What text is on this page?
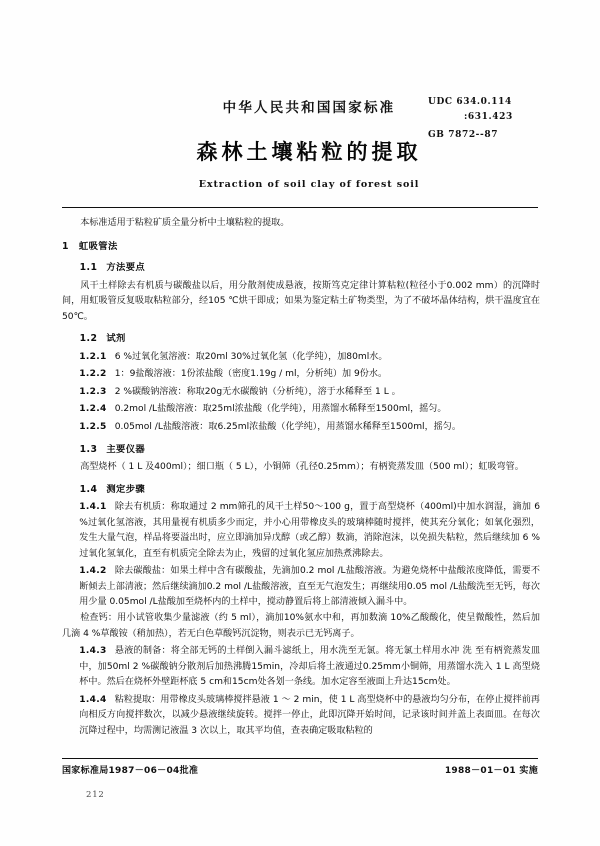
UDC 634.0.114
:631.423
GB 7872--87
中华人民共和国国家标准
森林土壤粘粒的提取
Extraction of soil clay of forest soil

本标准适用于粘粒矿质全量分析中土壤粘粒的提取。

1 虹吸管法
1.1 方法要点

风干土样除去有机质与碳酸盐以后，用分散剂使成悬液，按斯笃克定律计算粘粒(粒径小于0.002 mm）的沉降时间，用虹吸管反复吸取粘粒部分，经105 ℃烘干即成；如果为鉴定粘土矿物类型，为了不破坏晶体结构，烘干温度宜在50℃。

1.2 试剂

1.2.1 6 %过氧化氢溶液：取20ml 30%过氧化氢（化学纯），加80ml水。

1.2.2 1：9盐酸溶液：1份浓盐酸（密度1.19g / ml，分析纯）加 9份水。

1.2.3 2 %碳酸钠溶液：称取20g无水碳酸钠（分析纯），溶于水稀释至 1 L 。

1.2.4 0.2mol /L盐酸溶液：取25ml浓盐酸（化学纯），用蒸馏水稀释至1500ml，摇匀。

1.2.5 0.05mol /L盐酸溶液：取6.25ml浓盐酸（化学纯），用蒸馏水稀释至1500ml，摇匀。

1.3 主要仪器

高型烧杯（ 1 L 及400ml）；细口瓶（ 5 L），小铜筛（孔径0.25mm）；有柄瓷蒸发皿（500 ml）；虹吸弯管。

1.4 测定步骤

1.4.1 除去有机质：称取通过 2 mm筛孔的风干土样50～100 g，置于高型烧杯（400ml)中加水润湿，滴加 6 %过氧化氢溶液，其用量视有机质多少而定，并小心用带橡皮头的玻璃棒随时搅拌，使其充分氧化；如氧化强烈，发生大量气泡，样品将要溢出时，应立即滴加异戊醇（或乙醇）数滴，消除泡沫，以免损失粘粒，然后继续加 6 %过氧化氢氧化，直至有机质完全除去为止，残留的过氧化氢应加热煮沸除去。

1.4.2 除去碳酸盐：如果土样中含有碳酸盐，先滴加0.2 mol /L盐酸溶液。为避免烧杯中盐酸浓度降低，需要不断倾去上部清液；然后继续滴加0.2 mol /L盐酸溶液，直至无气泡发生；再继续用0.05 mol /L盐酸洗至无钙，每次用少量 0.05mol /L盐酸加至烧杯内的土样中，搅动静置后将上部清液倾入漏斗中。

检查钙：用小试管收集少量滤液（约 5 ml），滴加10%氨水中和，再加数滴 10%乙酸酸化，使呈微酸性，然后加几滴 4 %草酸铵（稍加热），若无白色草酸钙沉淀物，则表示已无钙离子。

1.4.3 悬液的制备：将全部无钙的土样倒入漏斗滤纸上，用水洗至无氯。将无氯土样用水冲 洗 至有柄瓷蒸发皿中，加50ml 2 %碳酸钠分散剂后加热沸腾15min，冷却后将土液通过0.25mm小铜筛，用蒸馏水洗入 1 L 高型烧杯中。然后在烧杯外壁距杯底 5 cm和15cm处各划一条线。加水定容至液面上升达15cm处。

1.4.4 粘粒提取：用带橡皮头玻璃棒搅拌悬液 1 ～ 2 min，使 1 L 高型烧杯中的悬液均匀分布，在停止搅拌前再向相反方向搅拌数次，以减少悬液继续旋转。搅拌一停止，此即沉降开始时间，记录该时间并盖上表面皿。在每次沉降过程中，均需测记液温 3 次以上，取其平均值，查表确定吸取粘粒的

国家标准局1987－06－04批准	1988－01－01 实施
212
